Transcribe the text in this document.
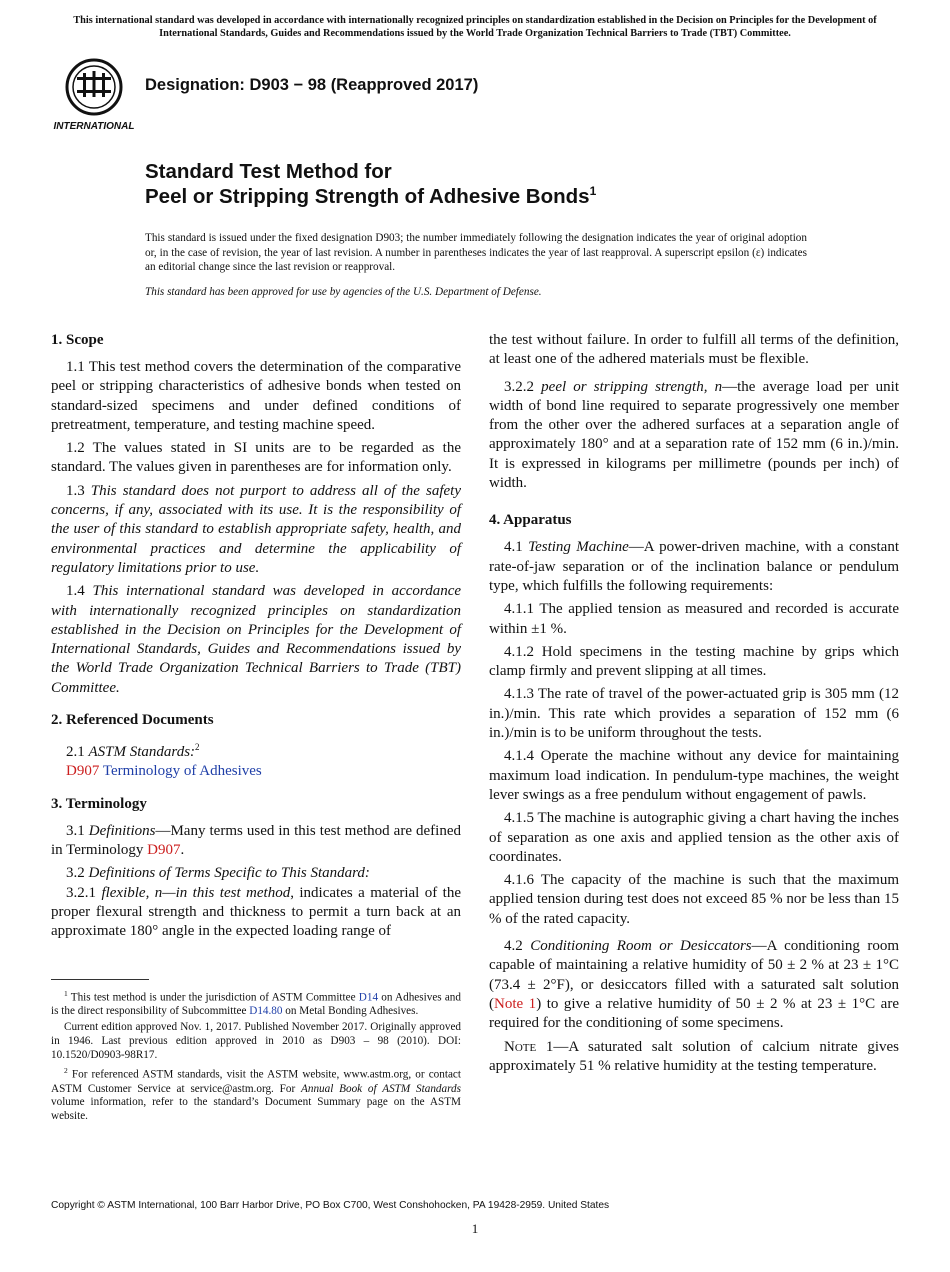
This international standard was developed in accordance with internationally recognized principles on standardization established in the Decision on Principles for the Development of International Standards, Guides and Recommendations issued by the World Trade Organization Technical Barriers to Trade (TBT) Committee.
INTERNATIONAL
Designation: D903 − 98 (Reapproved 2017)
Standard Test Method for
Peel or Stripping Strength of Adhesive Bonds$^1$
This standard is issued under the fixed designation D903; the number immediately following the designation indicates the year of original adoption or, in the case of revision, the year of last revision. A number in parentheses indicates the year of last reapproval. A superscript epsilon (ε) indicates an editorial change since the last revision or reapproval.
This standard has been approved for use by agencies of the U.S. Department of Defense.
1. Scope

1.1 This test method covers the determination of the comparative peel or stripping characteristics of adhesive bonds when tested on standard-sized specimens and under defined conditions of pretreatment, temperature, and testing machine speed.

1.2 The values stated in SI units are to be regarded as the standard. The values given in parentheses are for information only.

1.3 This standard does not purport to address all of the safety concerns, if any, associated with its use. It is the responsibility of the user of this standard to establish appropriate safety, health, and environmental practices and determine the applicability of regulatory limitations prior to use.

1.4 This international standard was developed in accordance with internationally recognized principles on standardization established in the Decision on Principles for the Development of International Standards, Guides and Recommendations issued by the World Trade Organization Technical Barriers to Trade (TBT) Committee.

2. Referenced Documents

2.1 ASTM Standards:$^2$

D907 Terminology of Adhesives

3. Terminology

3.1 Definitions—Many terms used in this test method are defined in Terminology D907.

3.2 Definitions of Terms Specific to This Standard:

3.2.1 flexible, n—in this test method, indicates a material of the proper flexural strength and thickness to permit a turn back at an approximate 180° angle in the expected loading range of

the test without failure. In order to fulfill all terms of the definition, at least one of the adhered materials must be flexible.

3.2.2 peel or stripping strength, n—the average load per unit width of bond line required to separate progressively one member from the other over the adhered surfaces at a separation angle of approximately 180° and at a separation rate of 152 mm (6 in.)/min. It is expressed in kilograms per millimetre (pounds per inch) of width.

4. Apparatus

4.1 Testing Machine—A power-driven machine, with a constant rate-of-jaw separation or of the inclination balance or pendulum type, which fulfills the following requirements:

4.1.1 The applied tension as measured and recorded is accurate within ±1 %.

4.1.2 Hold specimens in the testing machine by grips which clamp firmly and prevent slipping at all times.

4.1.3 The rate of travel of the power-actuated grip is 305 mm (12 in.)/min. This rate which provides a separation of 152 mm (6 in.)/min is to be uniform throughout the tests.

4.1.4 Operate the machine without any device for maintaining maximum load indication. In pendulum-type machines, the weight lever swings as a free pendulum without engagement of pawls.

4.1.5 The machine is autographic giving a chart having the inches of separation as one axis and applied tension as the other axis of coordinates.

4.1.6 The capacity of the machine is such that the maximum applied tension during test does not exceed 85 % nor be less than 15 % of the rated capacity.

4.2 Conditioning Room or Desiccators—A conditioning room capable of maintaining a relative humidity of 50 ± 2 % at 23 ± 1°C (73.4 ± 2°F), or desiccators filled with a saturated salt solution (Note 1) to give a relative humidity of 50 ± 2 % at 23 ± 1°C are required for the conditioning of some specimens.

Note 1—A saturated salt solution of calcium nitrate gives approximately 51 % relative humidity at the testing temperature.

$^1$ This test method is under the jurisdiction of ASTM Committee D14 on Adhesives and is the direct responsibility of Subcommittee D14.80 on Metal Bonding Adhesives.

Current edition approved Nov. 1, 2017. Published November 2017. Originally approved in 1946. Last previous edition approved in 2010 as D903 – 98 (2010). DOI: 10.1520/D0903-98R17.

$^2$ For referenced ASTM standards, visit the ASTM website, www.astm.org, or contact ASTM Customer Service at service@astm.org. For Annual Book of ASTM Standards volume information, refer to the standard’s Document Summary page on the ASTM website.

Copyright © ASTM International, 100 Barr Harbor Drive, PO Box C700, West Conshohocken, PA 19428-2959. United States
1
